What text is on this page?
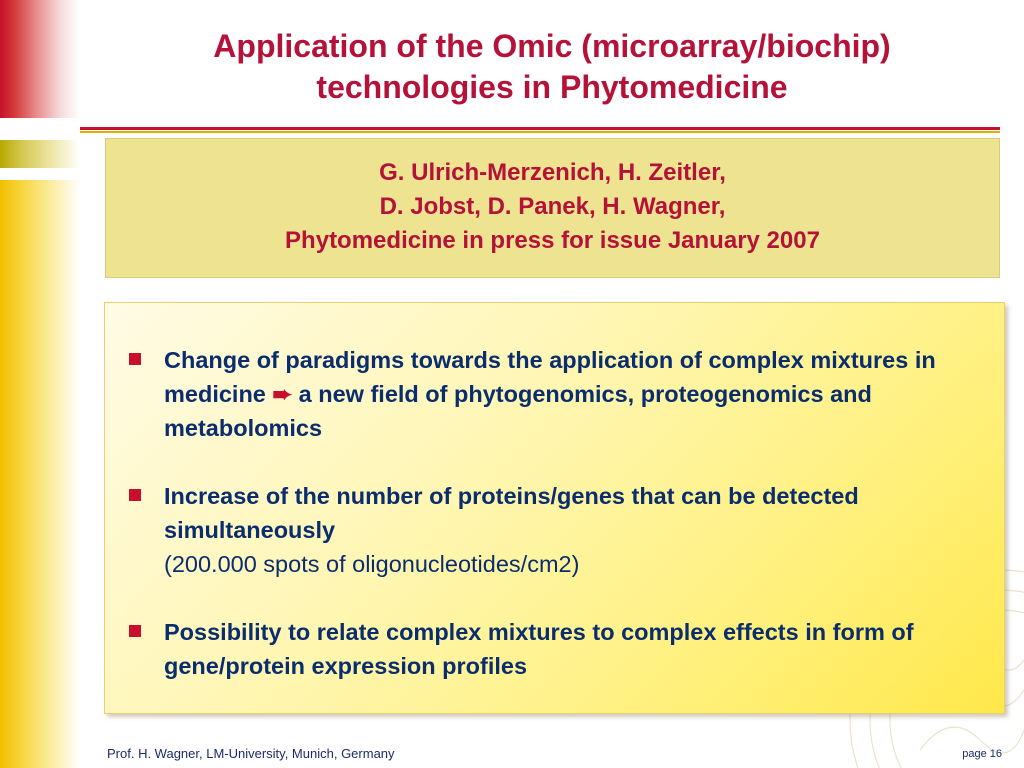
Application of the Omic (microarray/biochip)
technologies in Phytomedicine
G. Ulrich-Merzenich, H. Zeitler,
D. Jobst, D. Panek, H. Wagner,
Phytomedicine in press for issue January 2007
Change of paradigms towards the application of complex mixtures in medicine ➨ a new field of phytogenomics, proteogenomics and metabolomics
Increase of the number of proteins/genes that can be detected simultaneously
(200.000 spots of oligonucleotides/cm2)
Possibility to relate complex mixtures to complex effects in form of gene/protein expression profiles
Prof. H. Wagner, LM-University, Munich, Germany	page 16
